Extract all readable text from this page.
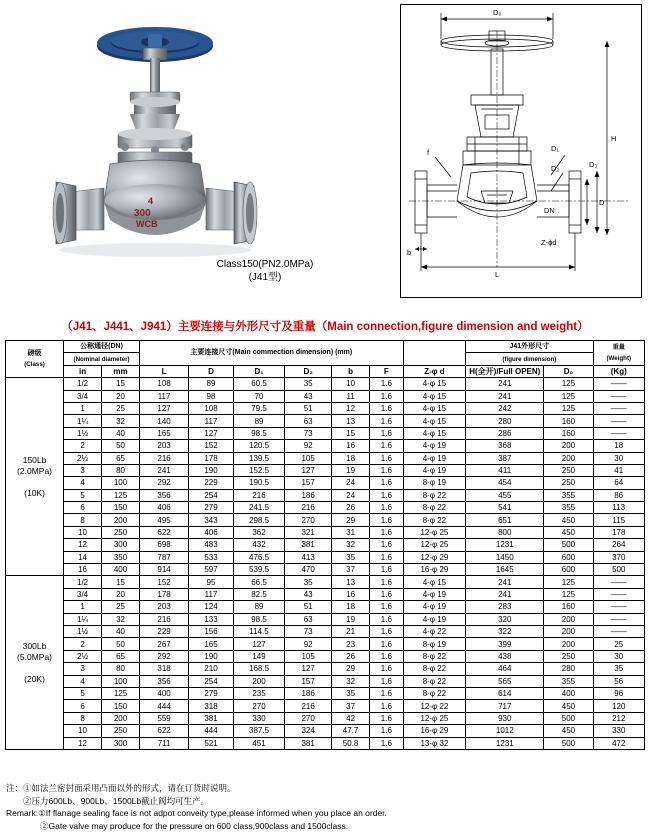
4
300
WCB
Class150(PN2.0MPa)
(J41型)
D₀
H
D
D₃
D₁
D₂
DN
Z-ɸd
L
b
f
（J41、J441、J941）主要连接与外形尺寸及重量（Main connection,figure dimension and weight）
磅级
(Class)

公称通径(DN)

主要连接尺寸(Main commection dimension) (mm)

J41外形尺寸	重量
(Weight)

	(Nominal diameter)									(figure dimension)		

	in	mm	L	D	D₁	D₂	b	F	Z-φ d	H(全开)/Full OPEN)	D₀	(Kg)

150Lb
(2.0MPa)

(10K)	1/2	15	108	89	60.5	35	10	1.6	4-φ 15	241	125	——
	3/4	20	117	98	70	43	11	1.6	4-φ 15	241	125	——
	1	25	127	108	79.5	51	12	1.6	4-φ 15	242	125	——
	1¼	32	140	117	89	63	13	1.6	4-φ 15	280	160	——
	1½	40	165	127	98.5	73	15	1.6	4-φ 15	286	160	——
	2	50	203	152	120.5	92	16	1.6	4-φ 19	368	200	18
	2½	65	216	178	139.5	105	18	1.6	4-φ 19	387	200	30
	3	80	241	190	152.5	127	19	1.6	4-φ 19	411	250	41
	4	100	292	229	190.5	157	24	1.6	8-φ 19	454	250	64
	5	125	356	254	216	186	24	1.6	8-φ 22	455	355	86
	6	150	406	279	241.5	216	26	1.6	8-φ 22	541	355	113
	8	200	495	343	298.5	270	29	1.6	8-φ 22	651	450	115
	10	250	622	406	362	321	31	1.6	12-φ 25	800	450	178
	12	300	698	483	432	381	32	1.6	12-φ 25	1231	500	264
	14	350	787	533	476.5	413	35	1.6	12-φ 29	1450	600	370
	16	400	914	597	539.5	470	37	1.6	16-φ 29	1645	600	500

300Lb
(5.0MPa)

(20K)	1/2	15	152	95	66.5	35	13	1.6	4-φ 15	241	125	——
	3/4	20	178	117	82.5	43	16	1.6	4-φ 19	241	125	——
	1	25	203	124	89	51	18	1.6	4-φ 19	283	160	——
	1¼	32	216	133	98.5	63	19	1.6	4-φ 19	320	200	——
	1½	40	229	156	114.5	73	21	1.6	4-φ 22	322	200	——
	2	50	267	165	127	92	23	1.6	8-φ 19	399	200	25
	2½	65	292	190	149	105	26	1.6	8-φ 22	438	250	30
	3	80	318	210	168.5	127	29	1.6	8-φ 22	464	280	35
	4	100	356	254	200	157	32	1.6	8-φ 22	565	355	56
	5	125	400	279	235	186	35	1.6	8-φ 22	614	400	96
	6	150	444	318	270	216	37	1.6	12-φ 22	717	450	120
	8	200	559	381	330	270	42	1.6	12-φ 25	930	500	212
	10	250	622	444	387.5	324	47.7	1.6	16-φ 29	1012	450	330
	12	300	711	521	451	381	50.8	1.6	13-φ 32	1231	500	472
注：①如法兰密封面采用凸面以外的形式，请在订货时说明。
　　②压力600Lb、900Lb、1500Lb截止阀均可生产。
Remark:①If flanage sealing face is not adpot conveity type,please informed when you place an order.
　　　　②Gate valve may produce for the pressure on 600 class,900class and 1500class.
